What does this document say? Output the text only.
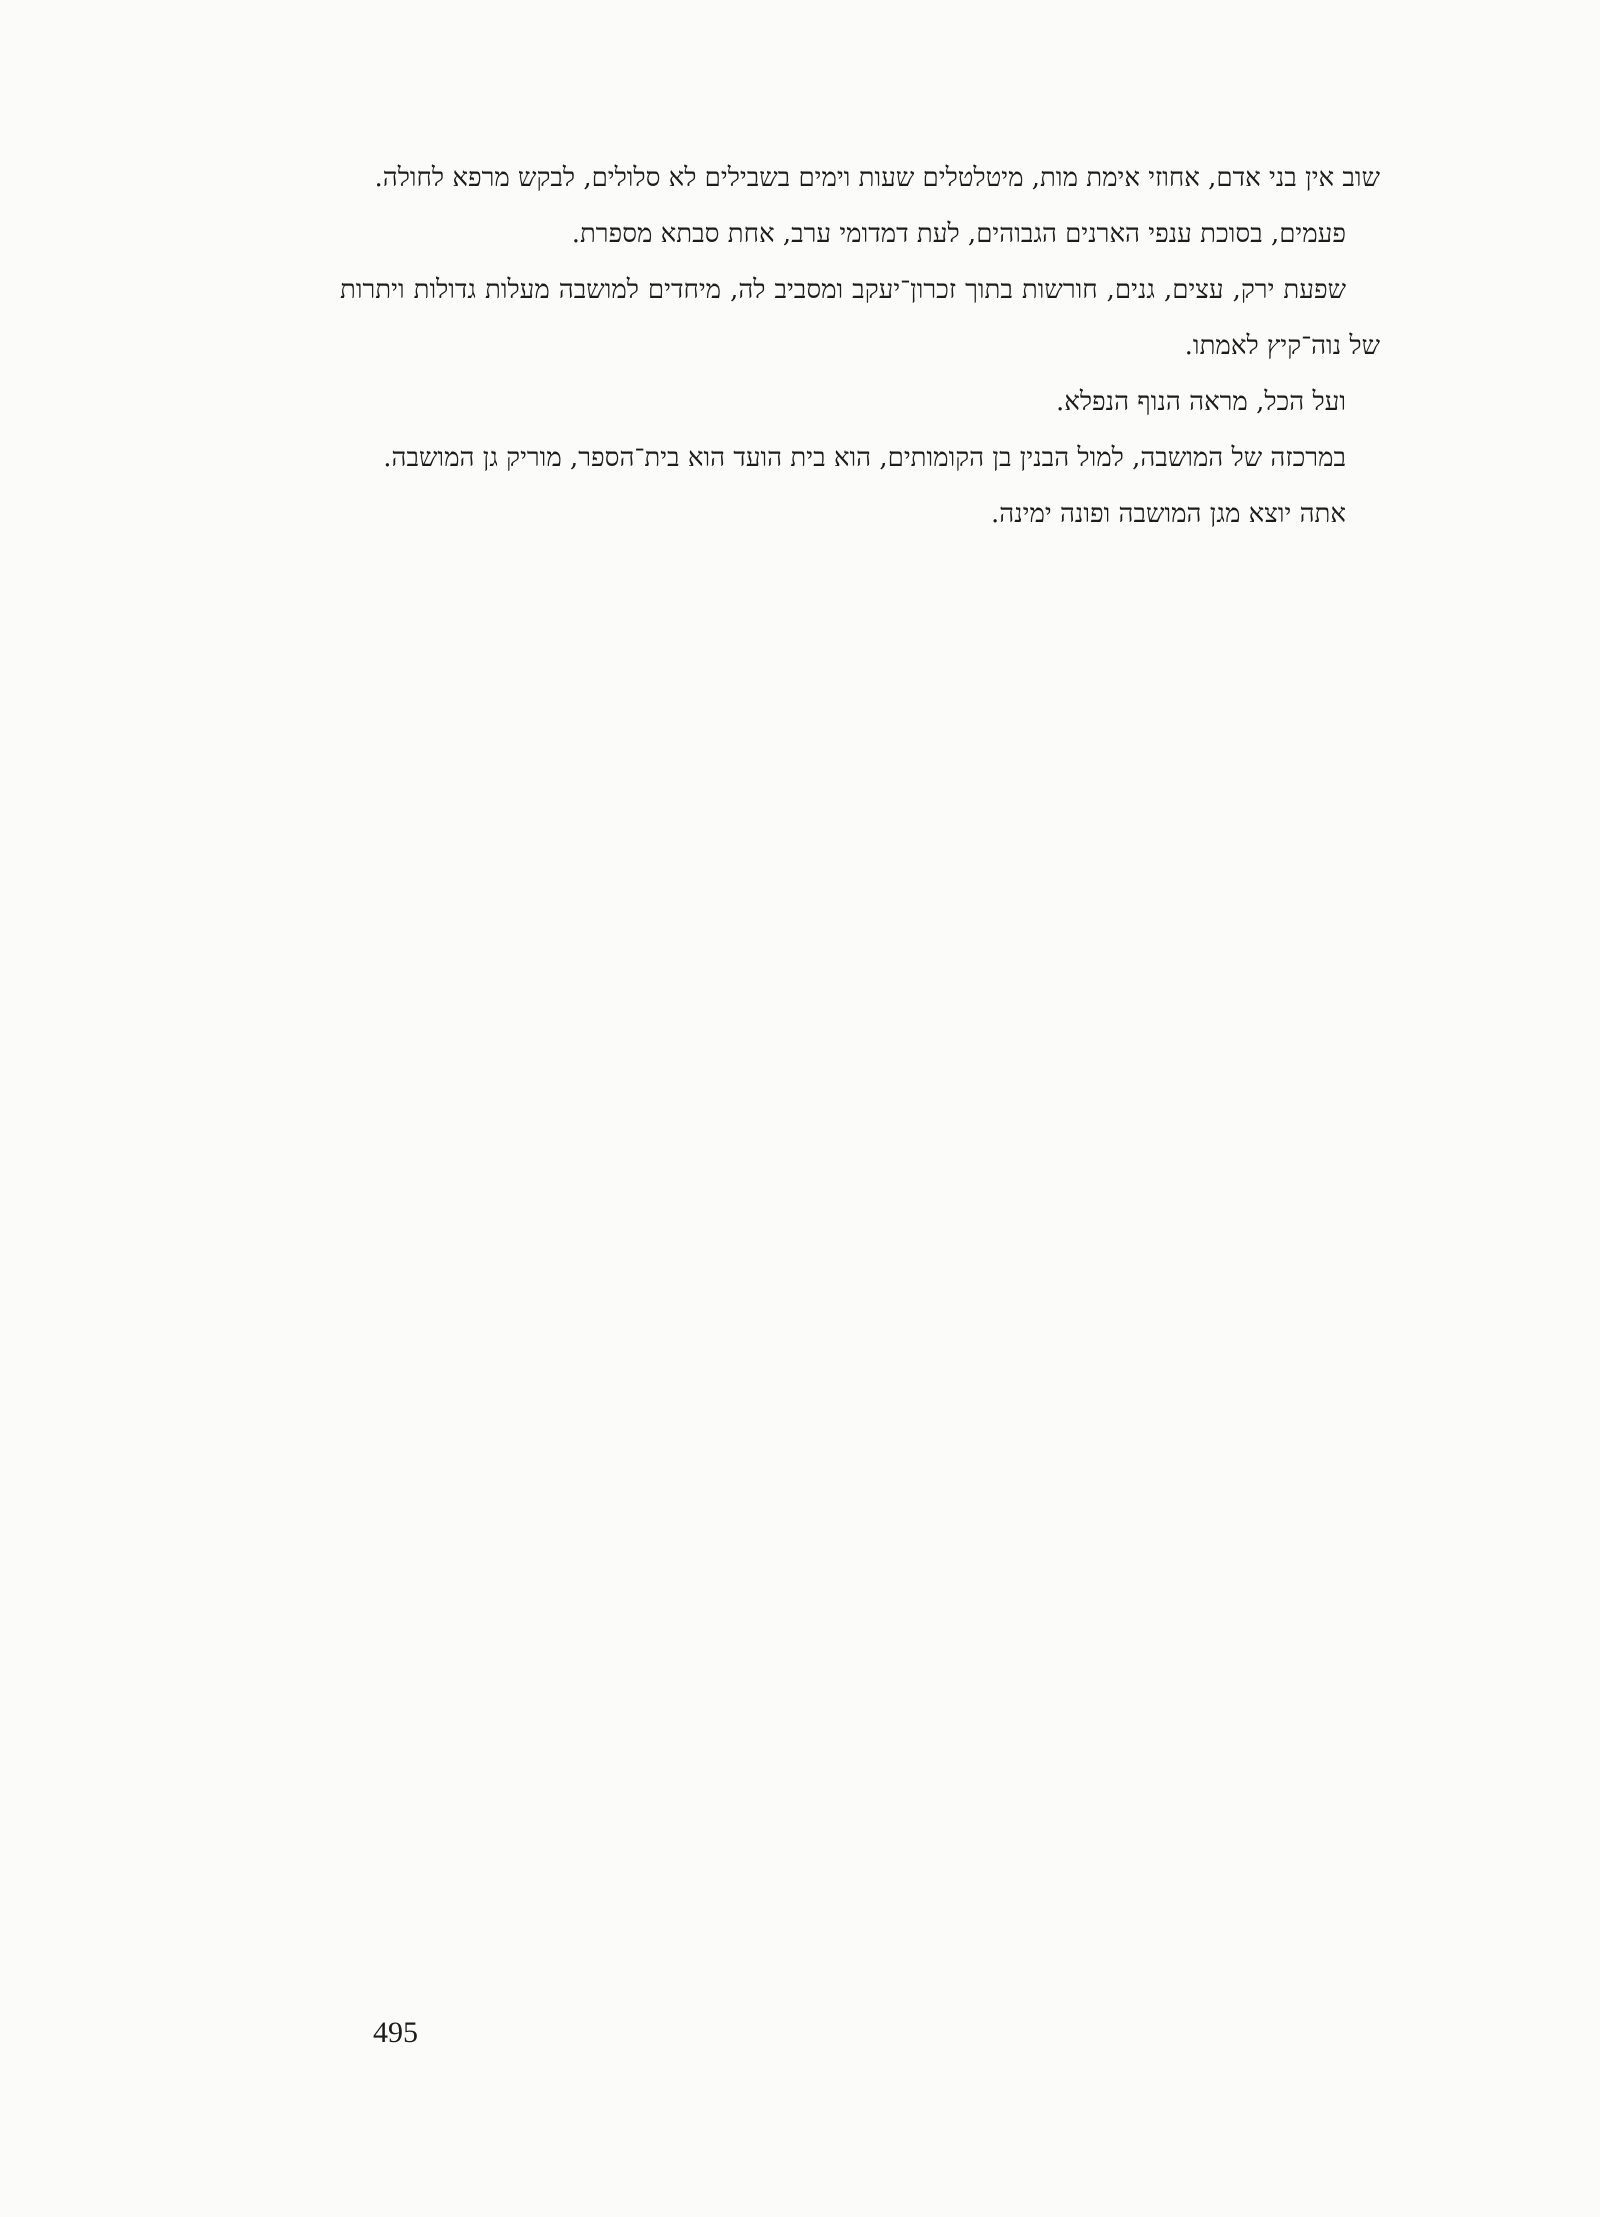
שוב אין בני אדם, אחוזי אימת מות, מיטלטלים שעות וימים בשבילים לא סלולים, לבקש מרפא לחולה.

פעמים, בסוכת ענפי הארנים הגבוהים, לעת דמדומי ערב, אחת סבתא מספרת.

שפעת ירק, עצים, גנים, חורשות בתוך זכרון־יעקב ומסביב לה, מיחדים למושבה מעלות גדולות ויתרות של נוה־קיץ לאמתו.

ועל הכל, מראה הנוף הנפלא.

במרכזה של המושבה, למול הבנין בן הקומותים, הוא בית הועד הוא בית־הספר, מוריק גן המושבה.

אתה יוצא מגן המושבה ופונה ימינה.

495
